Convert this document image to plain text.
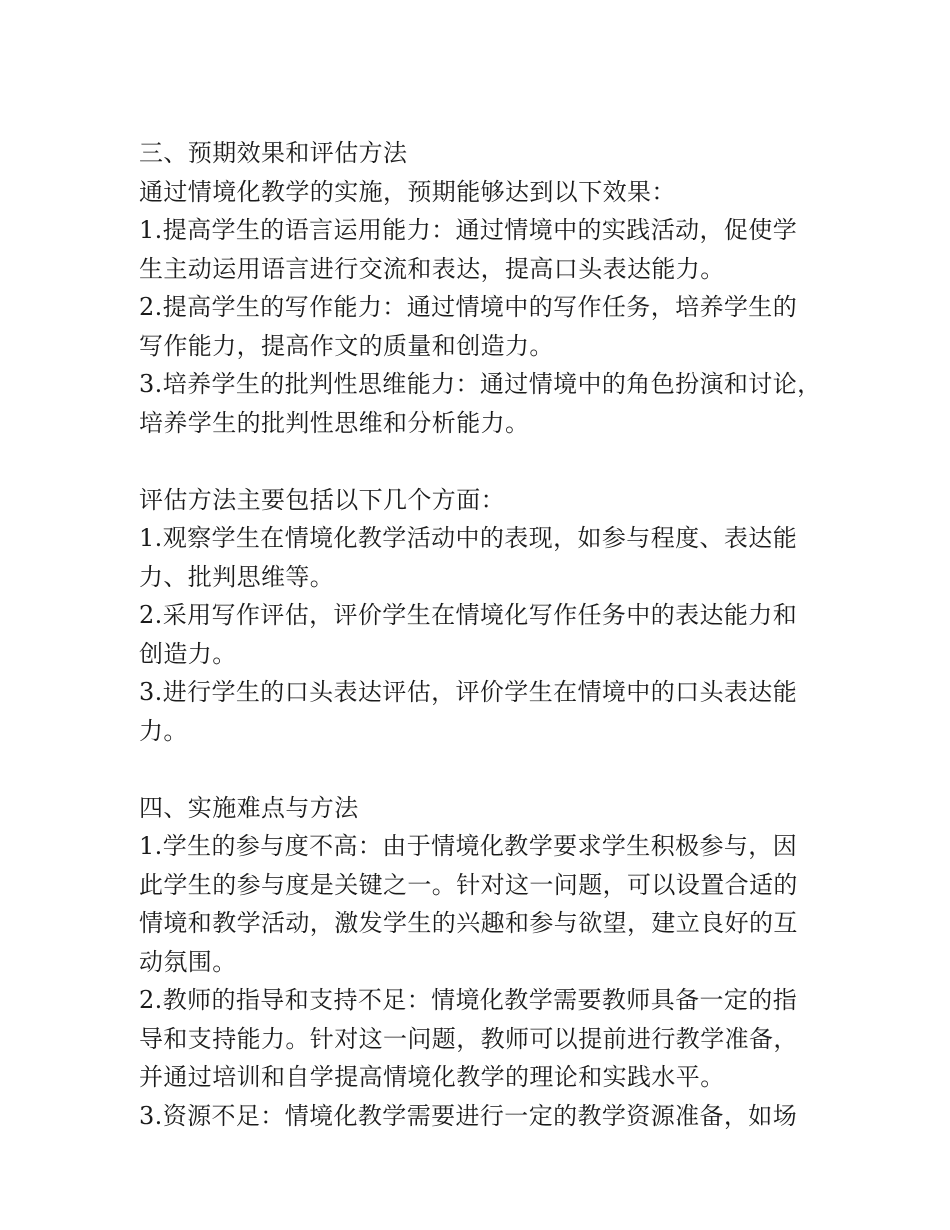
三、预期效果和评估方法
通过情境化教学的实施，预期能够达到以下效果：
1.提高学生的语言运用能力：通过情境中的实践活动，促使学
生主动运用语言进行交流和表达，提高口头表达能力。
2.提高学生的写作能力：通过情境中的写作任务，培养学生的
写作能力，提高作文的质量和创造力。
3.培养学生的批判性思维能力：通过情境中的角色扮演和讨论，
培养学生的批判性思维和分析能力。
评估方法主要包括以下几个方面：
1.观察学生在情境化教学活动中的表现，如参与程度、表达能
力、批判思维等。
2.采用写作评估，评价学生在情境化写作任务中的表达能力和
创造力。
3.进行学生的口头表达评估，评价学生在情境中的口头表达能
力。
四、实施难点与方法
1.学生的参与度不高：由于情境化教学要求学生积极参与，因
此学生的参与度是关键之一。针对这一问题，可以设置合适的
情境和教学活动，激发学生的兴趣和参与欲望，建立良好的互
动氛围。
2.教师的指导和支持不足：情境化教学需要教师具备一定的指
导和支持能力。针对这一问题，教师可以提前进行教学准备，
并通过培训和自学提高情境化教学的理论和实践水平。
3.资源不足：情境化教学需要进行一定的教学资源准备，如场
